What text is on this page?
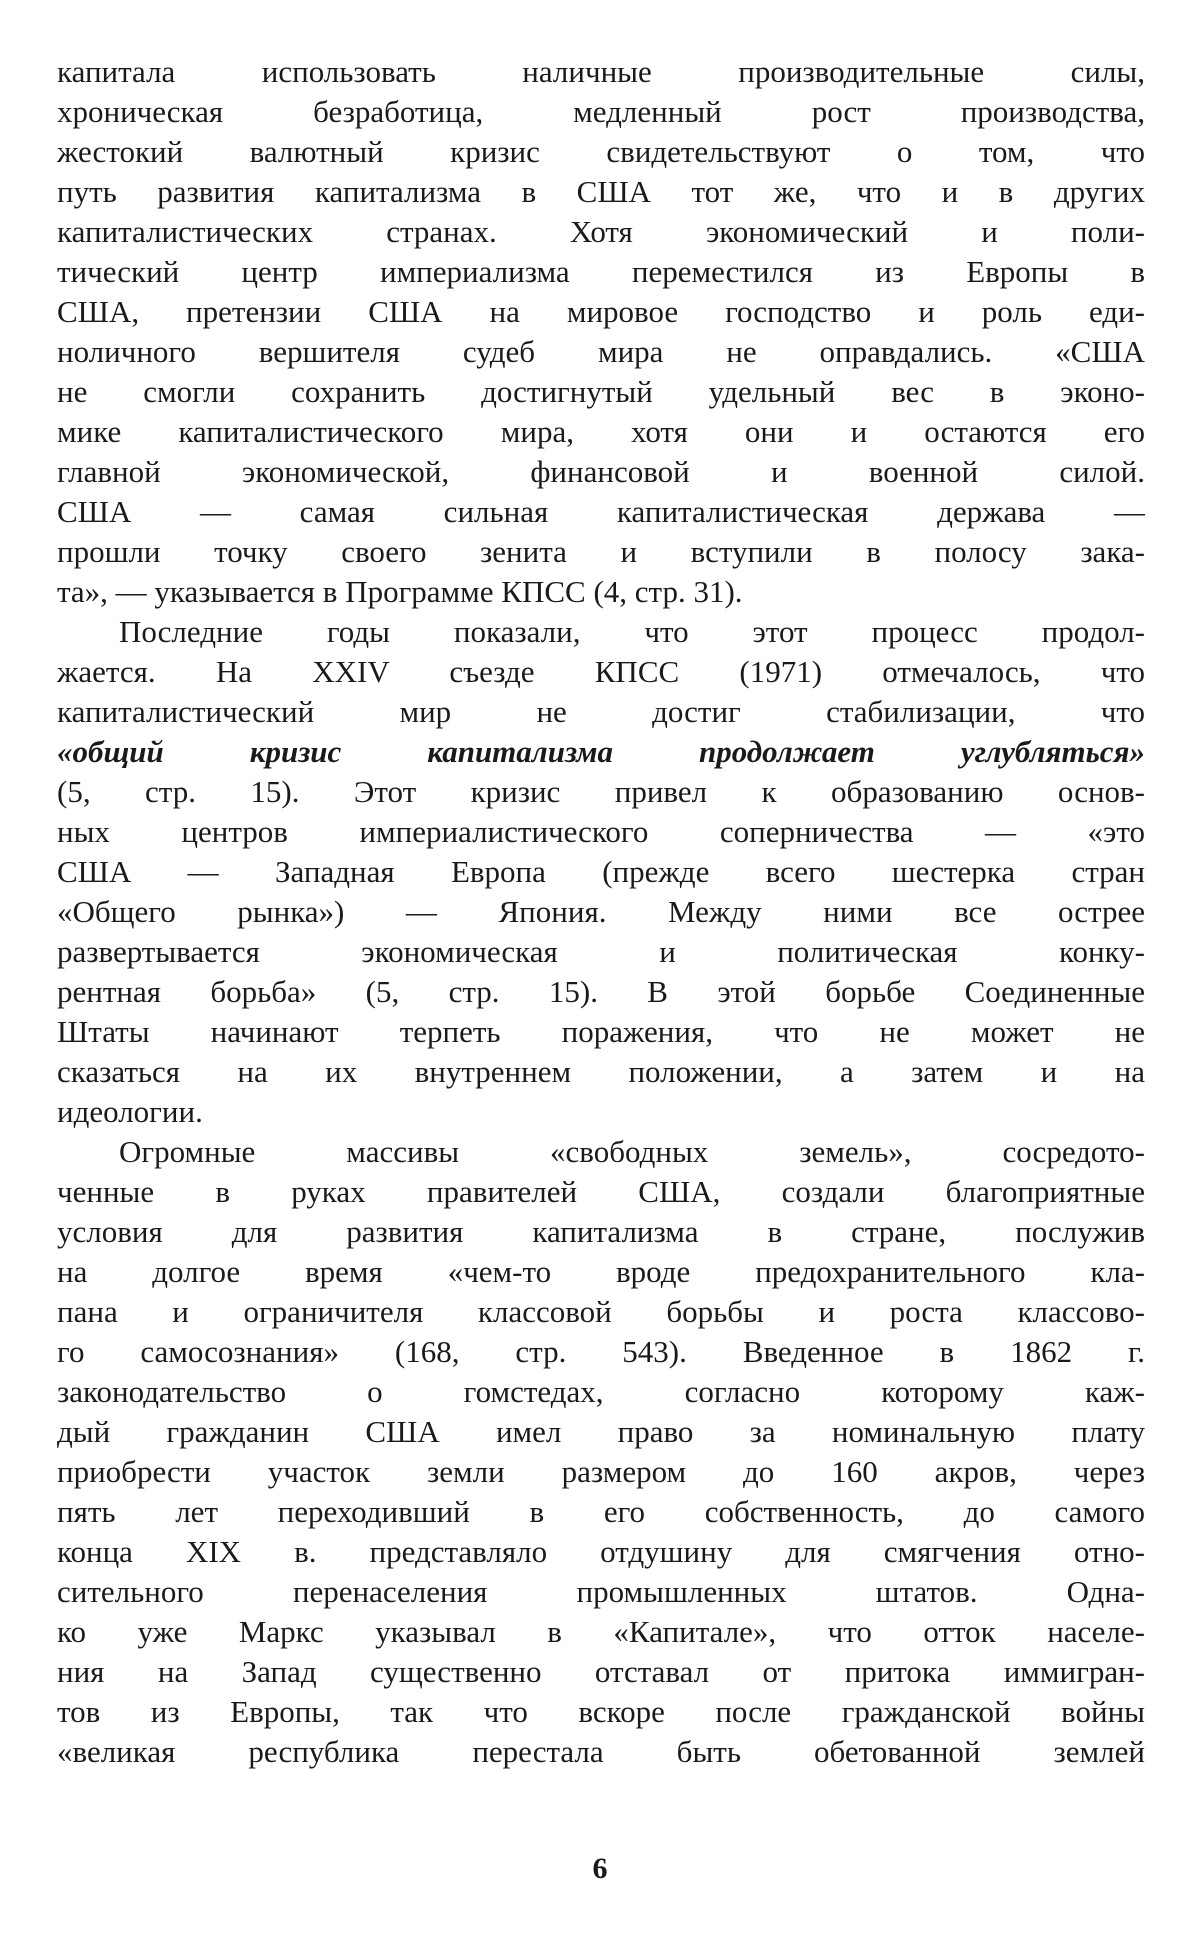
капитала использовать наличные производительные силы,
хроническая безработица, медленный рост производства,
жестокий валютный кризис свидетельствуют о том, что
путь развития капитализма в США тот же, что и в других
капиталистических странах. Хотя экономический и поли-
тический центр империализма переместился из Европы в
США, претензии США на мировое господство и роль еди-
ноличного вершителя судеб мира не оправдались. «США
не смогли сохранить достигнутый удельный вес в эконо-
мике капиталистического мира, хотя они и остаются его
главной экономической, финансовой и военной силой.
США — самая сильная капиталистическая держава —
прошли точку своего зенита и вступили в полосу зака-
та», — указывается в Программе КПСС (4, стр. 31).
Последние годы показали, что этот процесс продол-
жается. На XXIV съезде КПСС (1971) отмечалось, что
капиталистический мир не достиг стабилизации, что
«общий кризис капитализма продолжает углубляться»
(5, стр. 15). Этот кризис привел к образованию основ-
ных центров империалистического соперничества — «это
США — Западная Европа (прежде всего шестерка стран
«Общего рынка») — Япония. Между ними все острее
развертывается экономическая и политическая конку-
рентная борьба» (5, стр. 15). В этой борьбе Соединенные
Штаты начинают терпеть поражения, что не может не
сказаться на их внутреннем положении, а затем и на
идеологии.
Огромные массивы «свободных земель», сосредото-
ченные в руках правителей США, создали благоприятные
условия для развития капитализма в стране, послужив
на долгое время «чем-то вроде предохранительного кла-
пана и ограничителя классовой борьбы и роста классово-
го самосознания» (168, стр. 543). Введенное в 1862 г.
законодательство о гомстедах, согласно которому каж-
дый гражданин США имел право за номинальную плату
приобрести участок земли размером до 160 акров, через
пять лет переходивший в его собственность, до самого
конца XIX в. представляло отдушину для смягчения отно-
сительного перенаселения промышленных штатов. Одна-
ко уже Маркс указывал в «Капитале», что отток населе-
ния на Запад существенно отставал от притока иммигран-
тов из Европы, так что вскоре после гражданской войны
«великая республика перестала быть обетованной землей
6
